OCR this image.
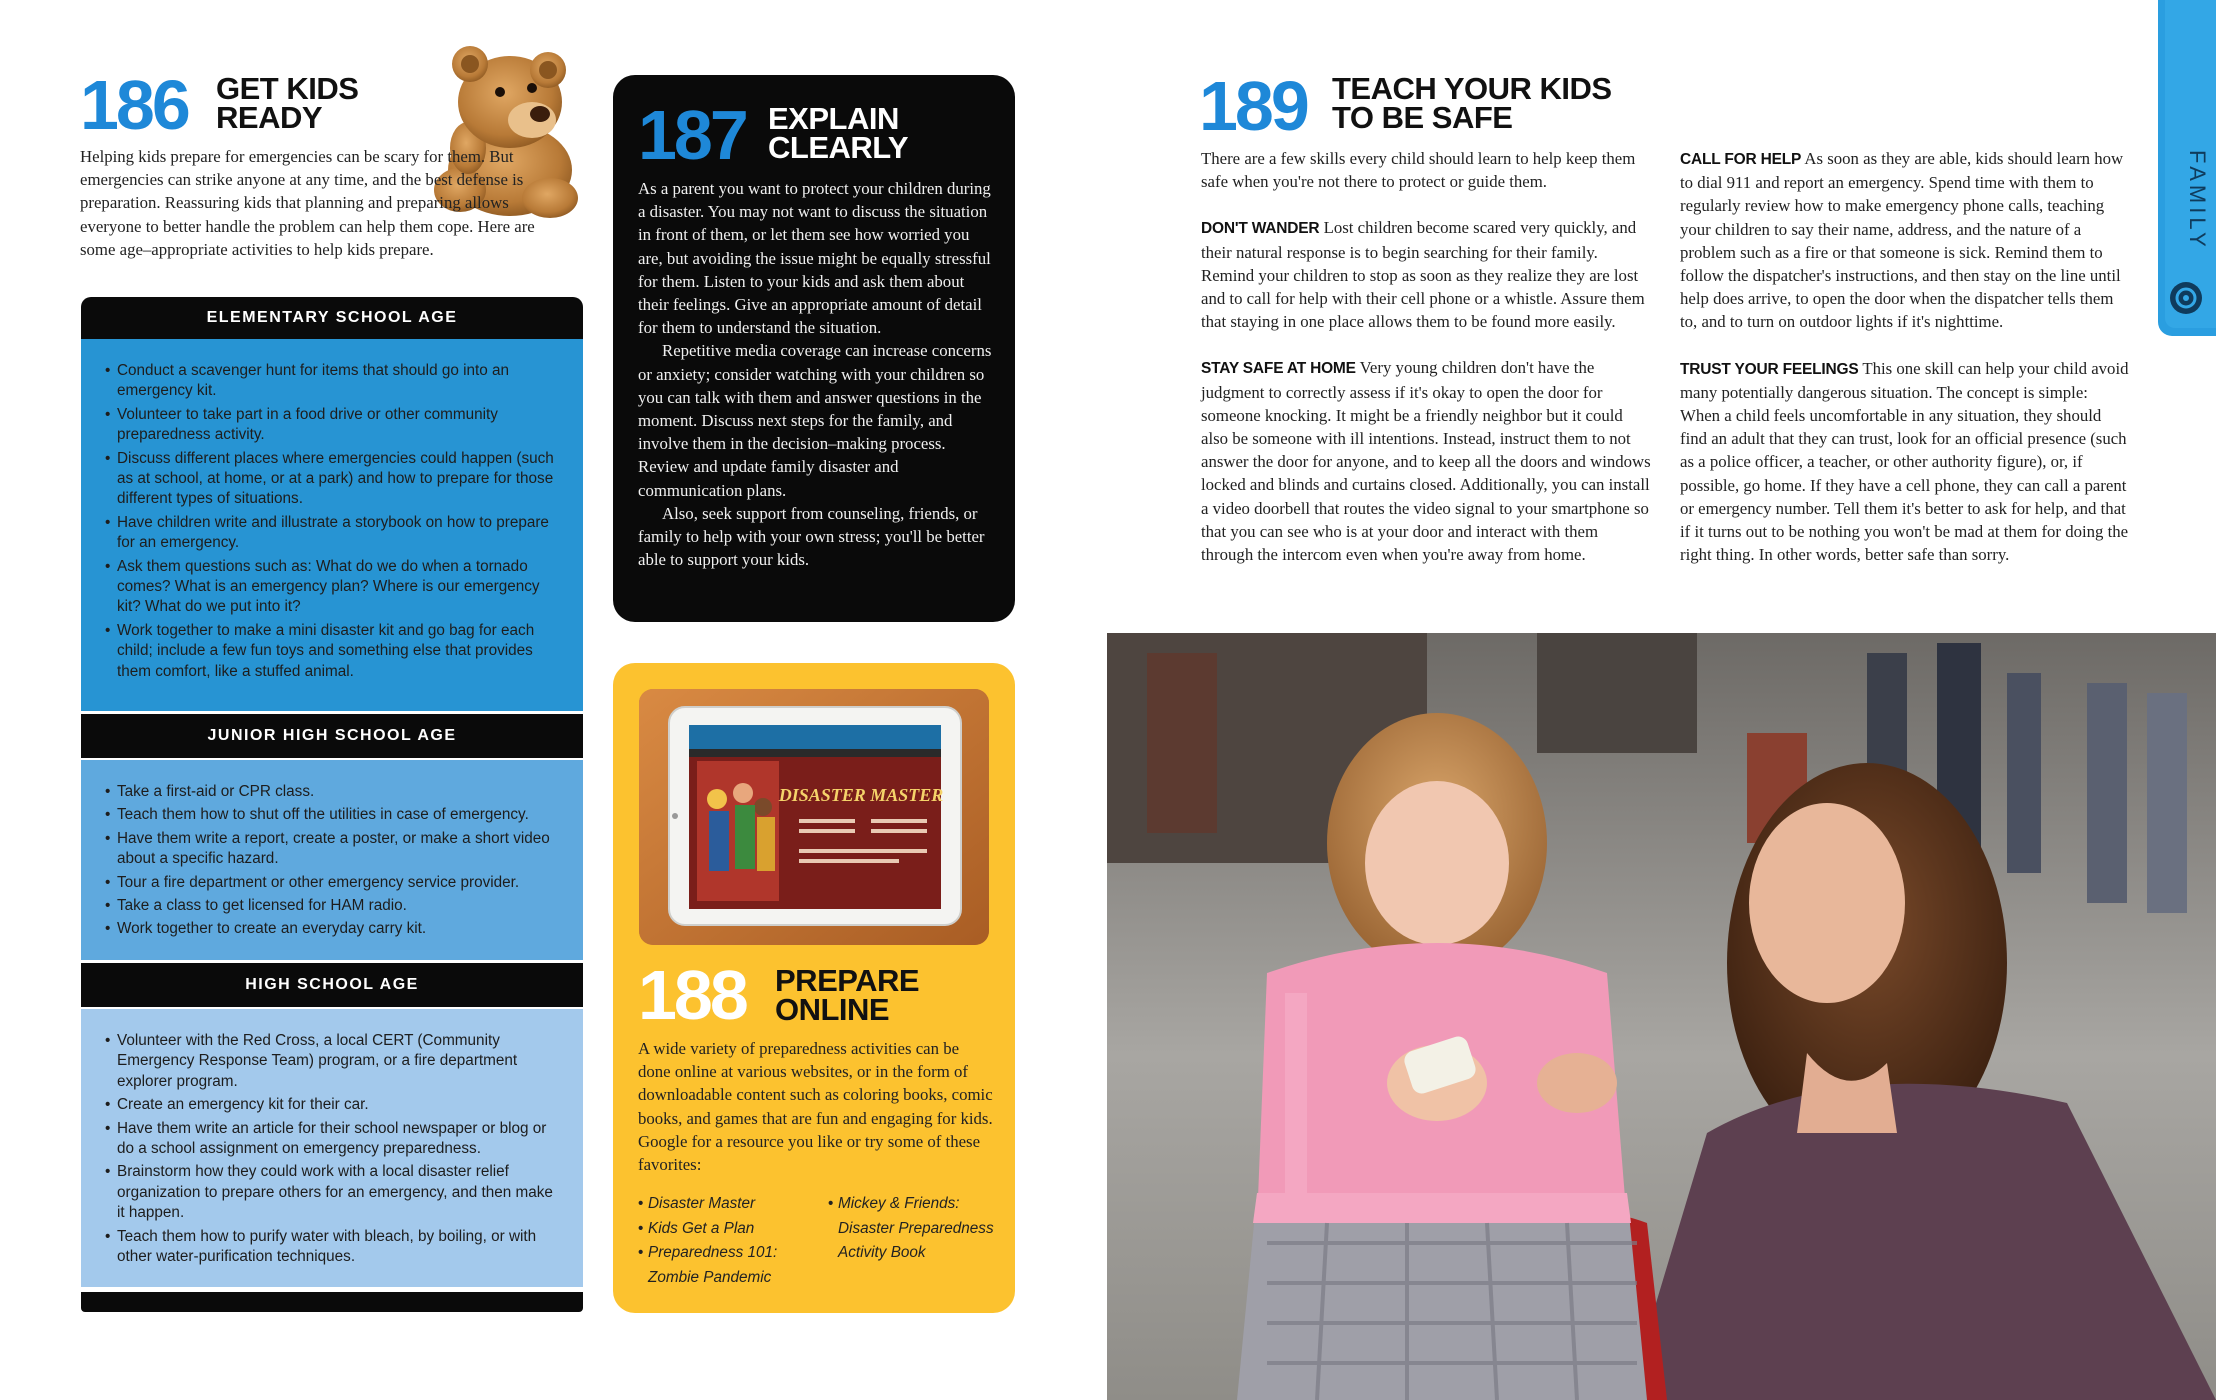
186 GET KIDS
READY
Helping kids prepare for emergencies can be scary for them. But emergencies can strike anyone at any time, and the best defense is preparation. Reassuring kids that planning and preparing allows everyone to better handle the problem can help them cope. Here are some age–appropriate activities to help kids prepare.
ELEMENTARY SCHOOL AGE
• Conduct a scavenger hunt for items that should go into an emergency kit.
• Volunteer to take part in a food drive or other community preparedness activity.
• Discuss different places where emergencies could happen (such as at school, at home, or at a park) and how to prepare for those different types of situations.
• Have children write and illustrate a storybook on how to prepare for an emergency.
• Ask them questions such as: What do we do when a tornado comes? What is an emergency plan? Where is our emergency kit? What do we put into it?
• Work together to make a mini disaster kit and go bag for each child; include a few fun toys and something else that provides them comfort, like a stuffed animal.
JUNIOR HIGH SCHOOL AGE
• Take a first-aid or CPR class.
• Teach them how to shut off the utilities in case of emergency.
• Have them write a report, create a poster, or make a short video about a specific hazard.
• Tour a fire department or other emergency service provider.
• Take a class to get licensed for HAM radio.
• Work together to create an everyday carry kit.
HIGH SCHOOL AGE
• Volunteer with the Red Cross, a local CERT (Community Emergency Response Team) program, or a fire department explorer program.
• Create an emergency kit for their car.
• Have them write an article for their school newspaper or blog or do a school assignment on emergency preparedness.
• Brainstorm how they could work with a local disaster relief organization to prepare others for an emergency, and then make it happen.
• Teach them how to purify water with bleach, by boiling, or with other water-purification techniques.
187 EXPLAIN
CLEARLY

As a parent you want to protect your children during a disaster. You may not want to discuss the situation in front of them, or let them see how worried you are, but avoiding the issue might be equally stressful for them. Listen to your kids and ask them about their feelings. Give an appropriate amount of detail for them to understand the situation.

Repetitive media coverage can increase concerns or anxiety; consider watching with your children so you can talk with them and answer questions in the moment. Discuss next steps for the family, and involve them in the decision–making process. Review and update family disaster and communication plans.

Also, seek support from counseling, friends, or family to help with your own stress; you'll be better able to support your kids.

DISASTER MASTER
188 PREPARE
ONLINE
A wide variety of preparedness activities can be done online at various websites, or in the form of downloadable content such as coloring books, comic books, and games that are fun and engaging for kids. Google for a resource you like or try some of these favorites:
• Disaster Master
• Kids Get a Plan
• Preparedness 101: Zombie Pandemic
• Mickey & Friends: Disaster Preparedness Activity Book
189 TEACH YOUR KIDS
TO BE SAFE

There are a few skills every child should learn to help keep them safe when you're not there to protect or guide them.

DON'T WANDER Lost children become scared very quickly, and their natural response is to begin searching for their family. Remind your children to stop as soon as they realize they are lost and to call for help with their cell phone or a whistle. Assure them that staying in one place allows them to be found more easily.

STAY SAFE AT HOME Very young children don't have the judgment to correctly assess if it's okay to open the door for someone knocking. It might be a friendly neighbor but it could also be someone with ill intentions. Instead, instruct them to not answer the door for anyone, and to keep all the doors and windows locked and blinds and curtains closed. Additionally, you can install a video doorbell that routes the video signal to your smartphone so that you can see who is at your door and interact with them through the intercom even when you're away from home.

CALL FOR HELP As soon as they are able, kids should learn how to dial 911 and report an emergency. Spend time with them to regularly review how to make emergency phone calls, teaching your children to say their name, address, and the nature of a problem such as a fire or that someone is sick. Remind them to follow the dispatcher's instructions, and then stay on the line until help does arrive, to open the door when the dispatcher tells them to, and to turn on outdoor lights if it's nighttime.

TRUST YOUR FEELINGS This one skill can help your child avoid many potentially dangerous situation. The concept is simple: When a child feels uncomfortable in any situation, they should find an adult that they can trust, look for an official presence (such as a police officer, a teacher, or other authority figure), or, if possible, go home. If they have a cell phone, they can call a parent or emergency number. Tell them it's better to ask for help, and that if it turns out to be nothing you won't be mad at them for doing the right thing. In other words, better safe than sorry.

FAMILY
